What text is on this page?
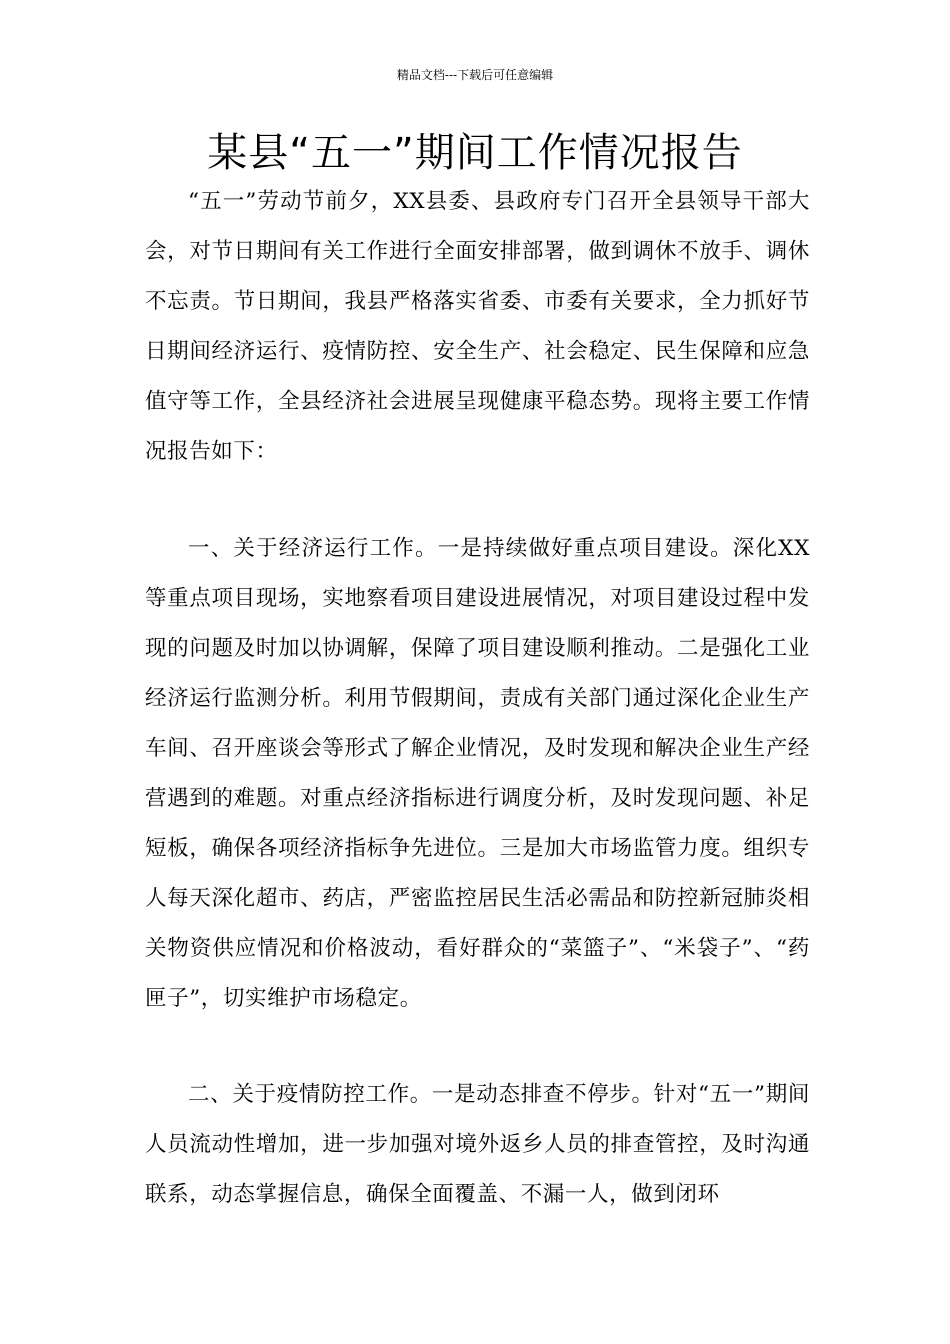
精品文档---下载后可任意编辑
某县“五一”期间工作情况报告

“五一”劳动节前夕，XX县委、县政府专门召开全县领导干部大会，对节日期间有关工作进行全面安排部署，做到调休不放手、调休不忘责。节日期间，我县严格落实省委、市委有关要求，全力抓好节日期间经济运行、疫情防控、安全生产、社会稳定、民生保障和应急值守等工作，全县经济社会进展呈现健康平稳态势。现将主要工作情况报告如下：

一、关于经济运行工作。一是持续做好重点项目建设。深化XX等重点项目现场，实地察看项目建设进展情况，对项目建设过程中发现的问题及时加以协调解，保障了项目建设顺利推动。二是强化工业经济运行监测分析。利用节假期间，责成有关部门通过深化企业生产车间、召开座谈会等形式了解企业情况，及时发现和解决企业生产经营遇到的难题。对重点经济指标进行调度分析，及时发现问题、补足短板，确保各项经济指标争先进位。三是加大市场监管力度。组织专人每天深化超市、药店，严密监控居民生活必需品和防控新冠肺炎相关物资供应情况和价格波动，看好群众的“菜篮子”、“米袋子”、“药匣子”，切实维护市场稳定。

二、关于疫情防控工作。一是动态排查不停步。针对“五一”期间人员流动性增加，进一步加强对境外返乡人员的排查管控，及时沟通联系，动态掌握信息，确保全面覆盖、不漏一人，做到闭环
